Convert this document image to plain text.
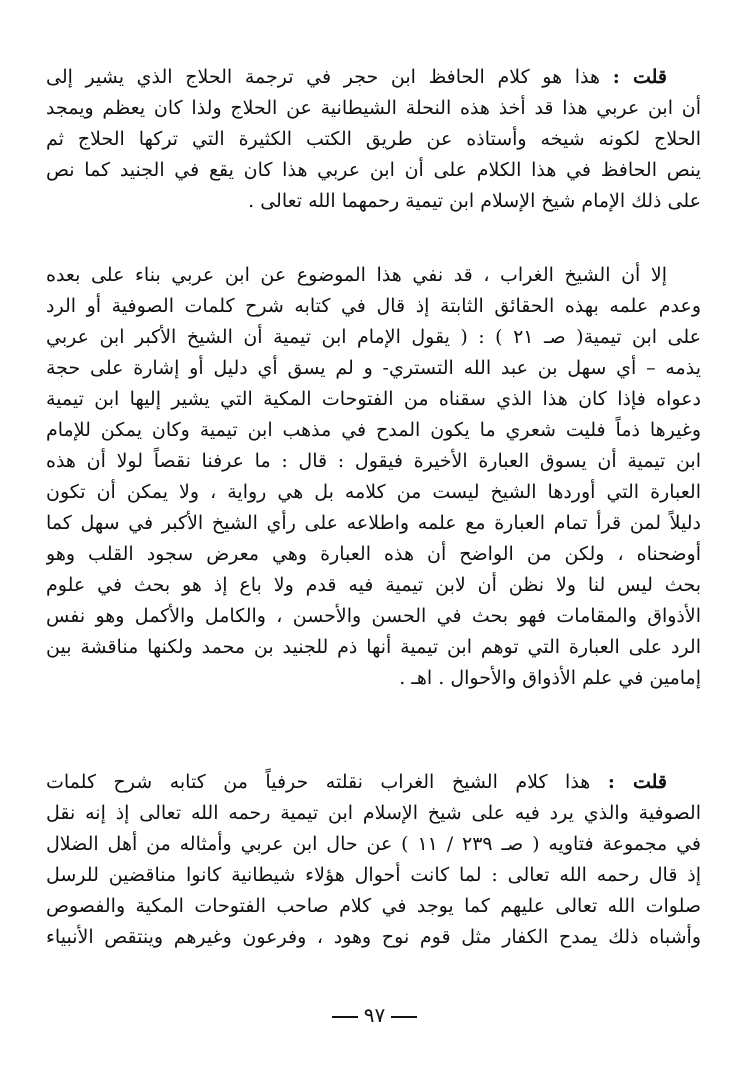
قلت : هذا هو كلام الحافظ ابن حجر في ترجمة الحلاج الذي يشير إلى
أن ابن عربي هذا قد أخذ هذه النحلة الشيطانية عن الحلاج ولذا كان يعظم ويمجد
الحلاج لكونه شيخه وأستاذه عن طريق الكتب الكثيرة التي تركها الحلاج ثم
ينص الحافظ في هذا الكلام على أن ابن عربي هذا كان يقع في الجنيد كما نص
على ذلك الإمام شيخ الإسلام ابن تيمية رحمهما الله تعالى .
إلا أن الشيخ الغراب ، قد نفي هذا الموضوع عن ابن عربي بناء على بعده
وعدم علمه بهذه الحقائق الثابتة إذ قال في كتابه شرح كلمات الصوفية أو الرد
على ابن تيمية( صـ ٢١ ) : ( يقول الإمام ابن تيمية أن الشيخ الأكبر ابن عربي
يذمه – أي سهل بن عبد الله التستري- و لم يسق أي دليل أو إشارة على حجة
دعواه فإذا كان هذا الذي سقناه من الفتوحات المكية التي يشير إليها ابن تيمية
وغيرها ذماً فليت شعري ما يكون المدح في مذهب ابن تيمية وكان يمكن للإمام
ابن تيمية أن يسوق العبارة الأخيرة فيقول : قال : ما عرفنا نقصاً لولا أن هذه
العبارة التي أوردها الشيخ ليست من كلامه بل هي رواية ، ولا يمكن أن تكون
دليلاً لمن قرأ تمام العبارة مع علمه واطلاعه على رأي الشيخ الأكبر في سهل كما
أوضحناه ، ولكن من الواضح أن هذه العبارة وهي معرض سجود القلب وهو
بحث ليس لنا ولا نظن أن لابن تيمية فيه قدم ولا باع إذ هو بحث في علوم
الأذواق والمقامات فهو بحث في الحسن والأحسن ، والكامل والأكمل وهو نفس
الرد على العبارة التي توهم ابن تيمية أنها ذم للجنيد بن محمد ولكنها مناقشة بين
إمامين في علم الأذواق والأحوال . اهـ .
قلت : هذا كلام الشيخ الغراب نقلته حرفياً من كتابه شرح كلمات
الصوفية والذي يرد فيه على شيخ الإسلام ابن تيمية رحمه الله تعالى إذ إنه نقل
في مجموعة فتاويه ( صـ ٢٣٩ / ١١ ) عن حال ابن عربي وأمثاله من أهل الضلال
إذ قال رحمه الله تعالى : لما كانت أحوال هؤلاء شيطانية كانوا مناقضين للرسل
صلوات الله تعالى عليهم كما يوجد في كلام صاحب الفتوحات المكية والفصوص
وأشباه ذلك يمدح الكفار مثل قوم نوح وهود ، وفرعون وغيرهم وينتقص الأنبياء
٩٧
